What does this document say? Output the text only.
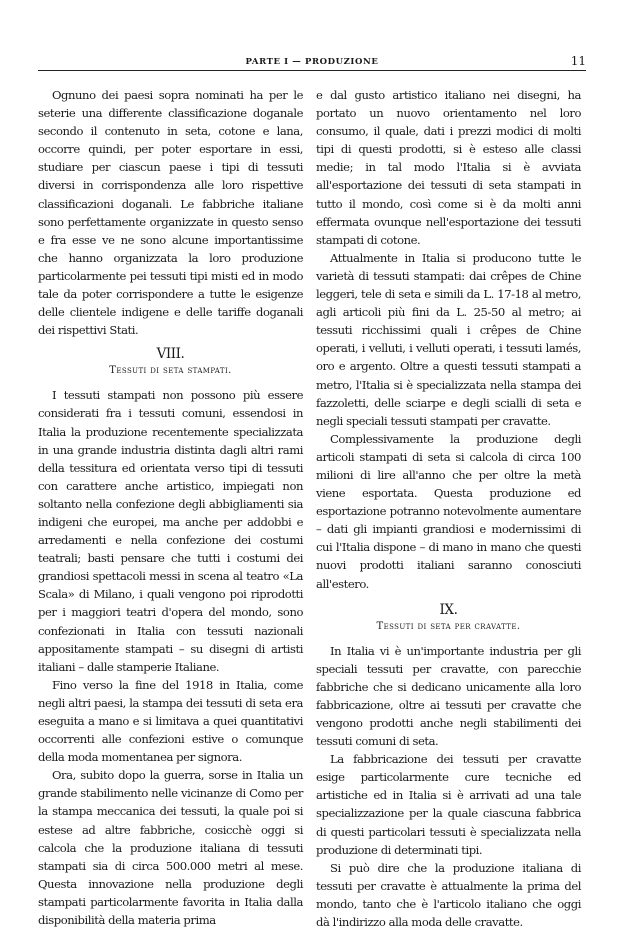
PARTE I — PRODUZIONE	11

Ognuno dei paesi sopra nominati ha per le seterie una differente classificazione doganale secondo il contenuto in seta, cotone e lana, occorre quindi, per poter esportare in essi, studiare per ciascun paese i tipi di tessuti diversi in corrispondenza alle loro rispettive classificazioni doganali. Le fabbriche italiane sono perfettamente organizzate in questo senso e fra esse ve ne sono alcune importantissime che hanno organizzata la loro produzione particolarmente pei tessuti tipi misti ed in modo tale da poter corrispondere a tutte le esigenze delle clientele indigene e delle tariffe doganali dei rispettivi Stati.

VIII.
Tessuti di seta stampati.

I tessuti stampati non possono più essere considerati fra i tessuti comuni, essendosi in Italia la produzione recentemente specializzata in una grande industria distinta dagli altri rami della tessitura ed orientata verso tipi di tessuti con carattere anche artistico, impiegati non soltanto nella confezione degli abbigliamenti sia indigeni che europei, ma anche per addobbi e arredamenti e nella confezione dei costumi teatrali; basti pensare che tutti i costumi dei grandiosi spettacoli messi in scena al teatro «La Scala» di Milano, i quali vengono poi riprodotti per i maggiori teatri d'opera del mondo, sono confezionati in Italia con tessuti nazionali appositamente stampati – su disegni di artisti italiani – dalle stamperie Italiane.

Fino verso la fine del 1918 in Italia, come negli altri paesi, la stampa dei tessuti di seta era eseguita a mano e si limitava a quei quantitativi occorrenti alle confezioni estive o comunque della moda momentanea per signora.

Ora, subito dopo la guerra, sorse in Italia un grande stabilimento nelle vicinanze di Como per la stampa meccanica dei tessuti, la quale poi si estese ad altre fabbriche, cosicchè oggi si calcola che la produzione italiana di tessuti stampati sia di circa 500.000 metri al mese. Questa innovazione nella produzione degli stampati particolarmente favorita in Italia dalla disponibilità della materia prima

e dal gusto artistico italiano nei disegni, ha portato un nuovo orientamento nel loro consumo, il quale, dati i prezzi modici di molti tipi di questi prodotti, si è esteso alle classi medie; in tal modo l'Italia si è avviata all'esportazione dei tessuti di seta stampati in tutto il mondo, così come si è da molti anni effermata ovunque nell'esportazione dei tessuti stampati di cotone.

Attualmente in Italia si producono tutte le varietà di tessuti stampati: dai crêpes de Chine leggeri, tele di seta e simili da L. 17-18 al metro, agli articoli più fini da L. 25-50 al metro; ai tessuti ricchissimi quali i crêpes de Chine operati, i velluti, i velluti operati, i tessuti lamés, oro e argento. Oltre a questi tessuti stampati a metro, l'Italia si è specializzata nella stampa dei fazzoletti, delle sciarpe e degli scialli di seta e negli speciali tessuti stampati per cravatte.

Complessivamente la produzione degli articoli stampati di seta si calcola di circa 100 milioni di lire all'anno che per oltre la metà viene esportata. Questa produzione ed esportazione potranno notevolmente aumentare – dati gli impianti grandiosi e modernissimi di cui l'Italia dispone – di mano in mano che questi nuovi prodotti italiani saranno conosciuti all'estero.

IX.
Tessuti di seta per cravatte.

In Italia vi è un'importante industria per gli speciali tessuti per cravatte, con parecchie fabbriche che si dedicano unicamente alla loro fabbricazione, oltre ai tessuti per cravatte che vengono prodotti anche negli stabilimenti dei tessuti comuni di seta.

La fabbricazione dei tessuti per cravatte esige particolarmente cure tecniche ed artistiche ed in Italia si è arrivati ad una tale specializzazione per la quale ciascuna fabbrica di questi particolari tessuti è specializzata nella produzione di determinati tipi.

Si può dire che la produzione italiana di tessuti per cravatte è attualmente la prima del mondo, tanto che è l'articolo italiano che oggi dà l'indirizzo alla moda delle cravatte.
